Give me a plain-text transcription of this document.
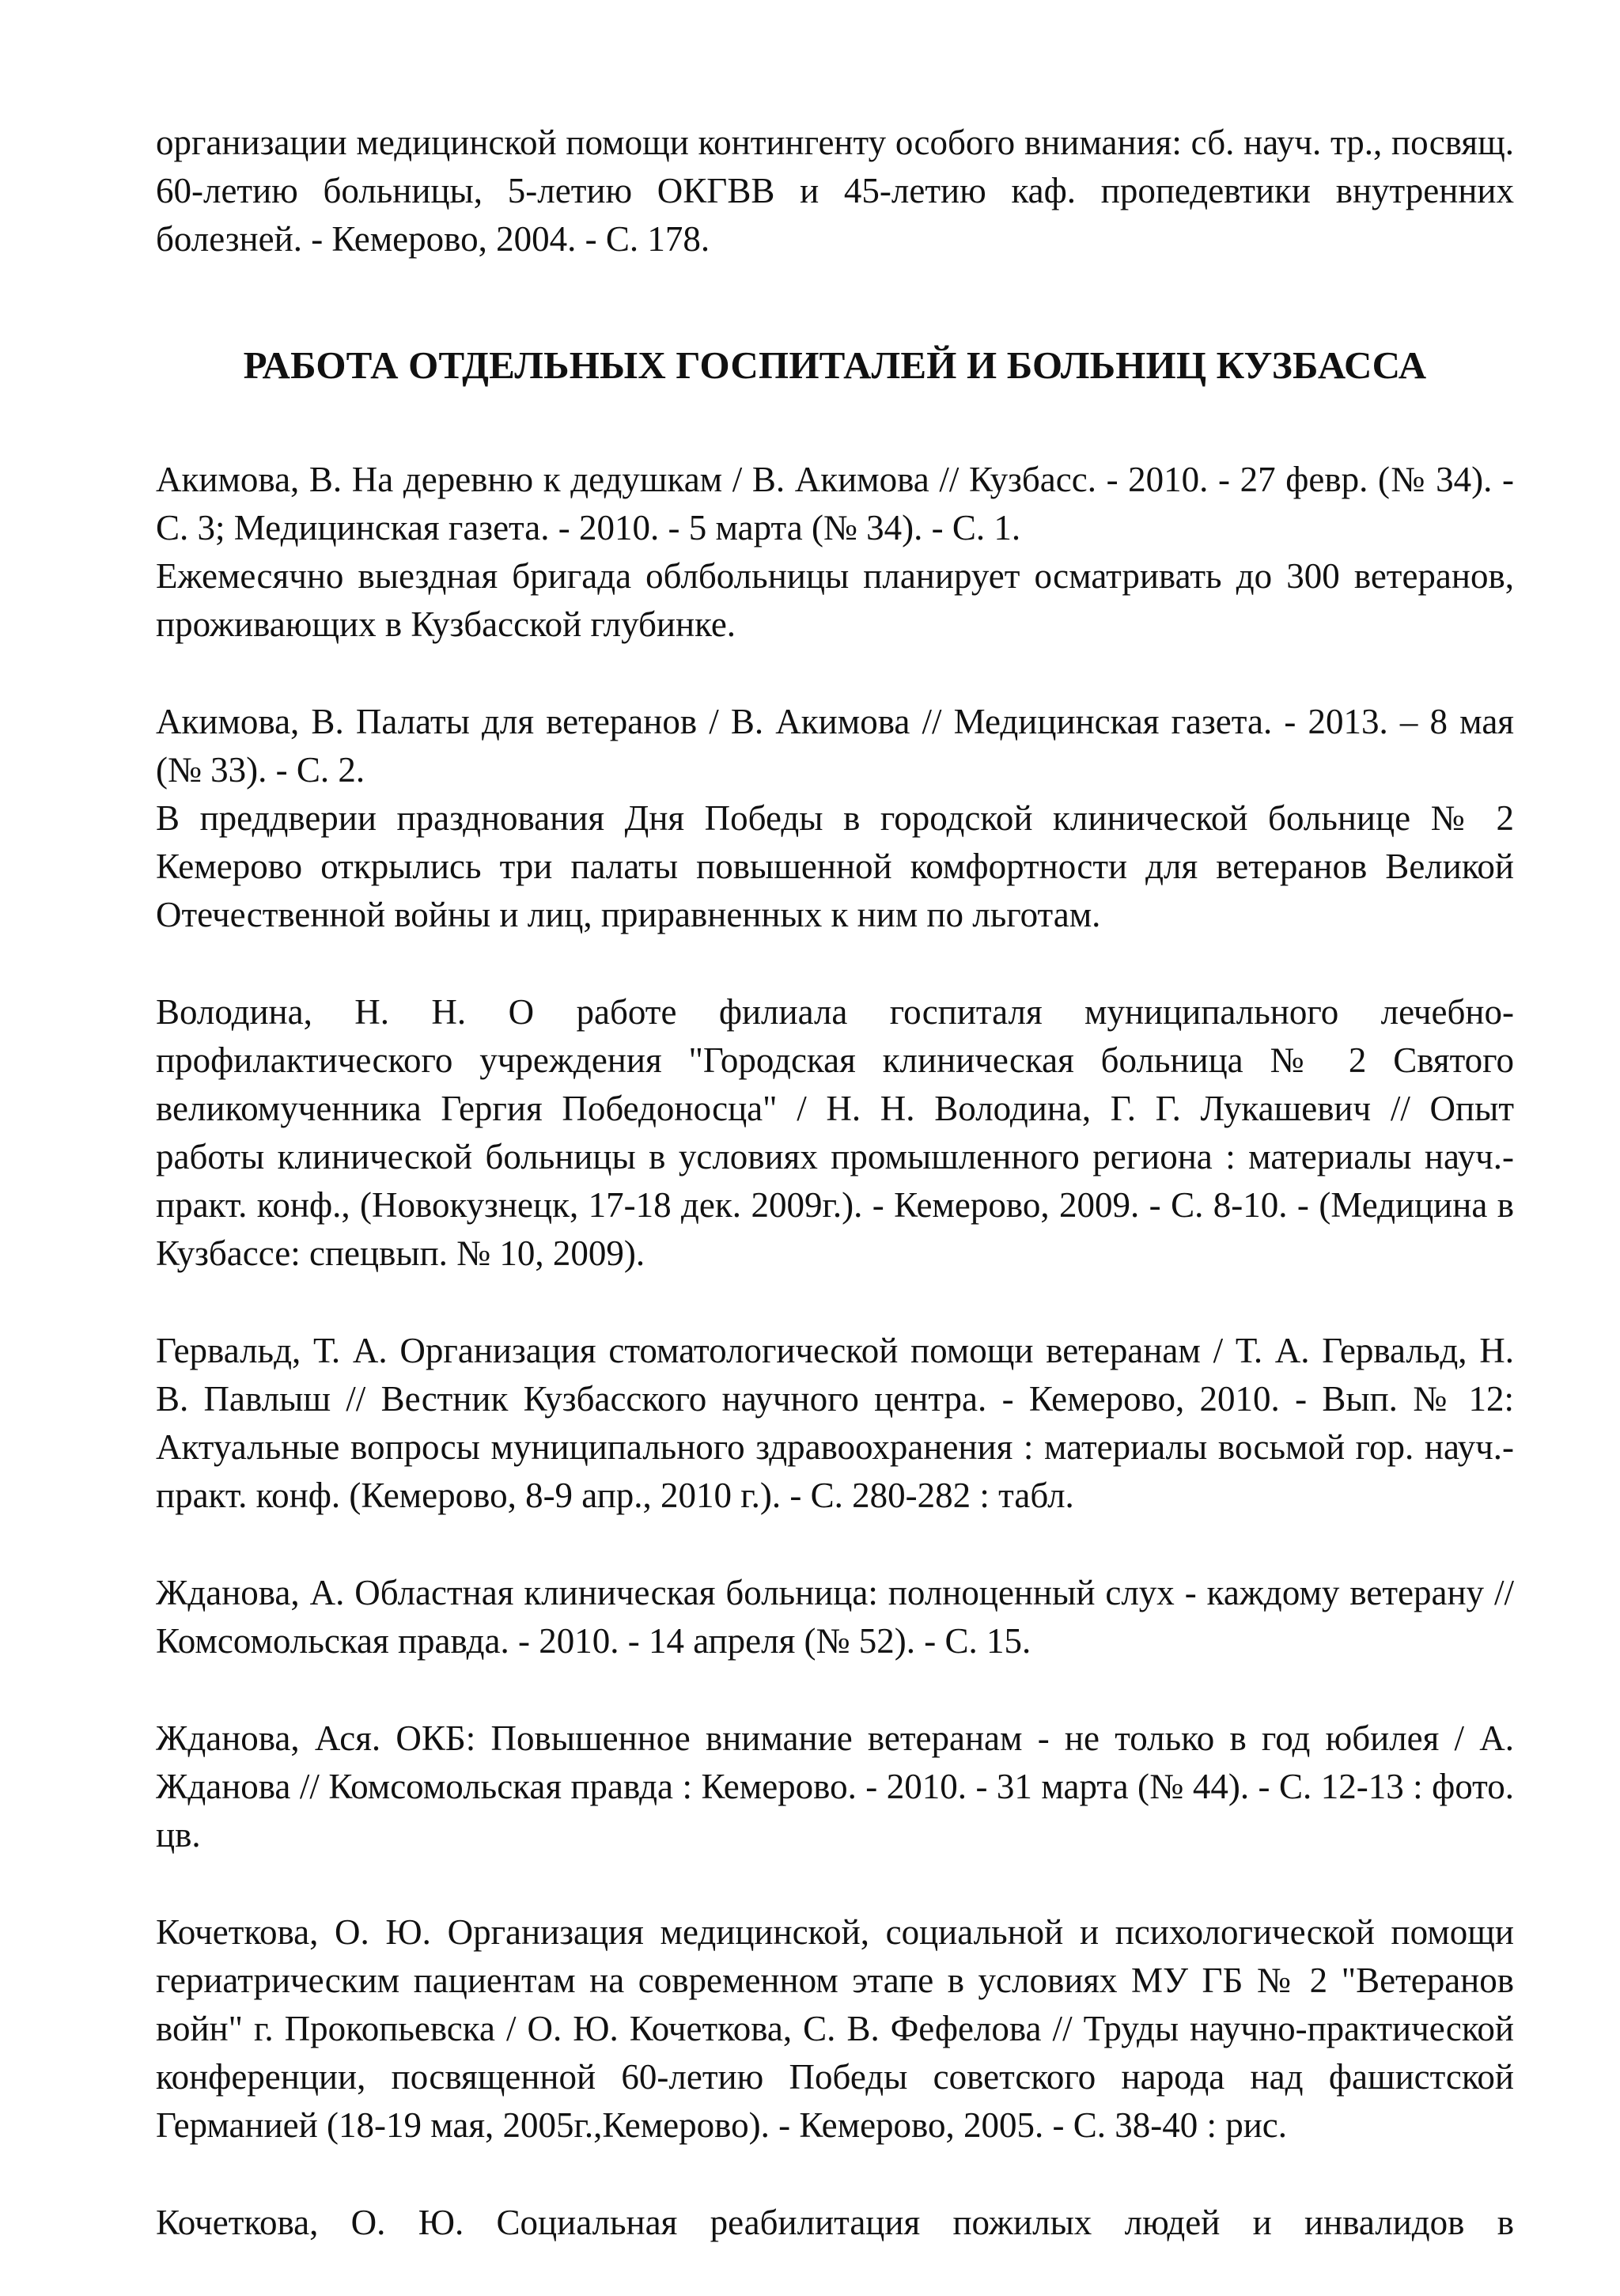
организации медицинской помощи контингенту особого внимания: сб. науч. тр., посвящ. 60-летию больницы, 5-летию ОКГВВ и 45-летию каф. пропедевтики внутренних болезней. - Кемерово, 2004. - С. 178.

РАБОТА ОТДЕЛЬНЫХ ГОСПИТАЛЕЙ И БОЛЬНИЦ КУЗБАССА

Акимова, В. На деревню к дедушкам / В. Акимова // Кузбасс. - 2010. - 27 февр. (№ 34). - С. 3; Медицинская газета. - 2010. - 5 марта (№ 34). - С. 1.

Ежемесячно выездная бригада облбольницы планирует осматривать до 300 ветеранов, проживающих в Кузбасской глубинке.

Акимова, В. Палаты для ветеранов / В. Акимова // Медицинская газета. - 2013. – 8 мая (№ 33). - С. 2.

В преддверии празднования Дня Победы в городской клинической больнице № 2 Кемерово открылись три палаты повышенной комфортности для ветеранов Великой Отечественной войны и лиц, приравненных к ним по льготам.

Володина, Н. Н. О работе филиала госпиталя муниципального лечебно-профилактического учреждения "Городская клиническая больница № 2 Святого великомученника Гергия Победоносца" / Н. Н. Володина, Г. Г. Лукашевич // Опыт работы клинической больницы в условиях промышленного региона : материалы науч.-практ. конф., (Новокузнецк, 17-18 дек. 2009г.). - Кемерово, 2009. - С. 8-10. - (Медицина в Кузбассе: спецвып. № 10, 2009).

Гервальд, Т. А. Организация стоматологической помощи ветеранам / Т. А. Гервальд, Н. В. Павлыш // Вестник Кузбасского научного центра. - Кемерово, 2010. - Вып. № 12: Актуальные вопросы муниципального здравоохранения : материалы восьмой гор. науч.-практ. конф. (Кемерово, 8-9 апр., 2010 г.). - С. 280-282 : табл.

Жданова, А. Областная клиническая больница: полноценный слух - каждому ветерану // Комсомольская правда. - 2010. - 14 апреля (№ 52). - С. 15.

Жданова, Ася. ОКБ: Повышенное внимание ветеранам - не только в год юбилея / А. Жданова // Комсомольская правда : Кемерово. - 2010. - 31 марта (№ 44). - С. 12-13 : фото. цв.

Кочеткова, О. Ю. Организация медицинской, социальной и психологической помощи гериатрическим пациентам на современном этапе в условиях МУ ГБ № 2 "Ветеранов войн" г. Прокопьевска / О. Ю. Кочеткова, С. В. Фефелова // Труды научно-практической конференции, посвященной 60-летию Победы советского народа над фашистской Германией (18-19 мая, 2005г.,Кемерово). - Кемерово, 2005. - С. 38-40 : рис.

Кочеткова, О. Ю. Социальная реабилитация пожилых людей и инвалидов в
